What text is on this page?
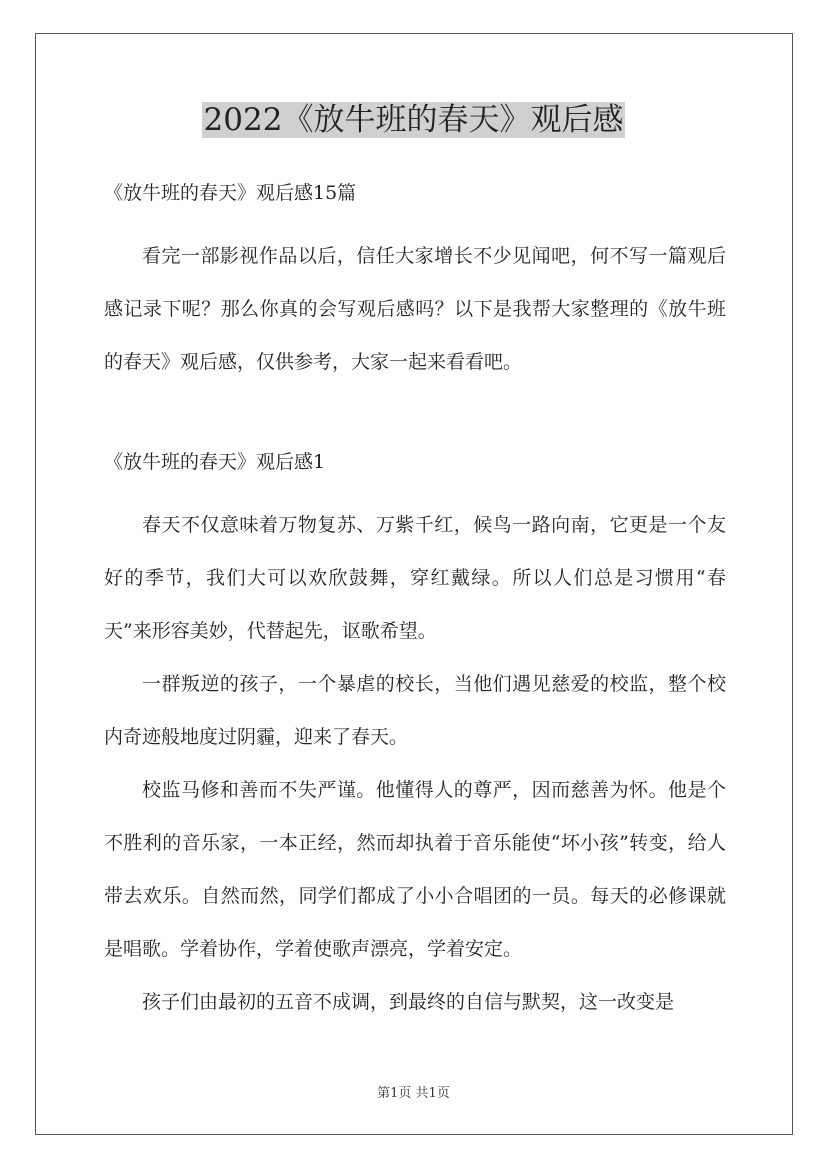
2022《放牛班的春天》观后感

《放牛班的春天》观后感15篇

看完一部影视作品以后，信任大家增长不少见闻吧，何不写一篇观后感记录下呢？那么你真的会写观后感吗？以下是我帮大家整理的《放牛班的春天》观后感，仅供参考，大家一起来看看吧。

《放牛班的春天》观后感1

春天不仅意味着万物复苏、万紫千红，候鸟一路向南，它更是一个友好的季节，我们大可以欢欣鼓舞，穿红戴绿。所以人们总是习惯用“春天”来形容美妙，代替起先，讴歌希望。

一群叛逆的孩子，一个暴虐的校长，当他们遇见慈爱的校监，整个校内奇迹般地度过阴霾，迎来了春天。

校监马修和善而不失严谨。他懂得人的尊严，因而慈善为怀。他是个不胜利的音乐家，一本正经，然而却执着于音乐能使“坏小孩”转变，给人带去欢乐。自然而然，同学们都成了小小合唱团的一员。每天的必修课就是唱歌。学着协作，学着使歌声漂亮，学着安定。

孩子们由最初的五音不成调，到最终的自信与默契，这一改变是

第1页 共1页
